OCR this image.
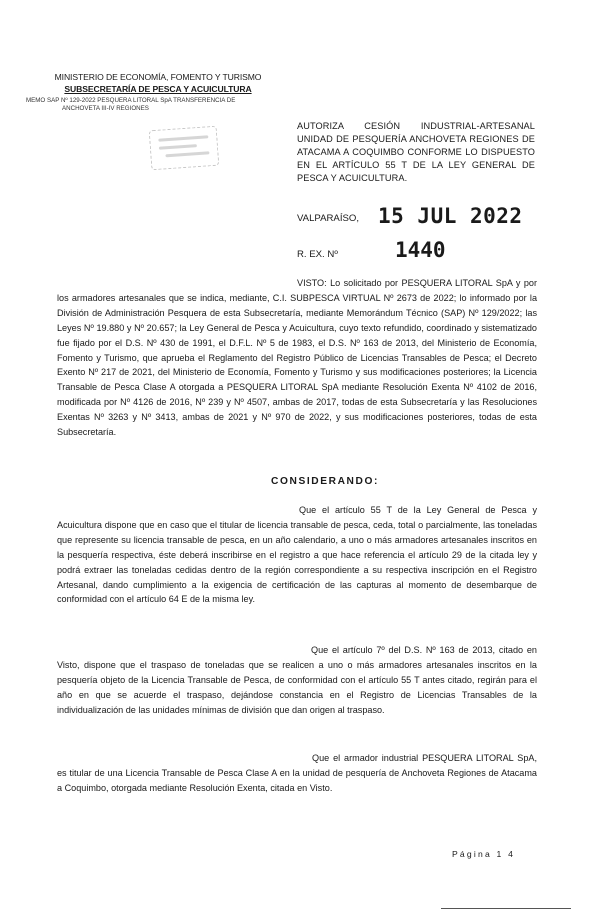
MINISTERIO DE ECONOMÍA, FOMENTO Y TURISMO
SUBSECRETARÍA DE PESCA Y ACUICULTURA
MEMO SAP Nº 129-2022 PESQUERA LITORAL SpA TRANSFERENCIA DE
ANCHOVETA III-IV REGIONES
AUTORIZA CESIÓN INDUSTRIAL-ARTESANAL UNIDAD DE PESQUERÍA ANCHOVETA REGIONES DE ATACAMA A COQUIMBO CONFORME LO DISPUESTO EN EL ARTÍCULO 55 T DE LA LEY GENERAL DE PESCA Y ACUICULTURA.
VALPARAÍSO, 15 JUL 2022
R. EX. Nº	1440
VISTO: Lo solicitado por PESQUERA LITORAL SpA y por los armadores artesanales que se indica, mediante, C.I. SUBPESCA VIRTUAL Nº 2673 de 2022; lo informado por la División de Administración Pesquera de esta Subsecretaría, mediante Memorándum Técnico (SAP) Nº 129/2022; las Leyes Nº 19.880 y Nº 20.657; la Ley General de Pesca y Acuicultura, cuyo texto refundido, coordinado y sistematizado fue fijado por el D.S. Nº 430 de 1991, el D.F.L. Nº 5 de 1983, el D.S. Nº 163 de 2013, del Ministerio de Economía, Fomento y Turismo, que aprueba el Reglamento del Registro Público de Licencias Transables de Pesca; el Decreto Exento Nº 217 de 2021, del Ministerio de Economía, Fomento y Turismo y sus modificaciones posteriores; la Licencia Transable de Pesca Clase A otorgada a PESQUERA LITORAL SpA mediante Resolución Exenta Nº 4102 de 2016, modificada por Nº 4126 de 2016, Nº 239 y Nº 4507, ambas de 2017, todas de esta Subsecretaría y las Resoluciones Exentas Nº 3263 y Nº 3413, ambas de 2021 y Nº 970 de 2022, y sus modificaciones posteriores, todas de esta Subsecretaría.
CONSIDERANDO:
Que el artículo 55 T de la Ley General de Pesca y Acuicultura dispone que en caso que el titular de licencia transable de pesca, ceda, total o parcialmente, las toneladas que represente su licencia transable de pesca, en un año calendario, a uno o más armadores artesanales inscritos en la pesquería respectiva, éste deberá inscribirse en el registro a que hace referencia el artículo 29 de la citada ley y podrá extraer las toneladas cedidas dentro de la región correspondiente a su respectiva inscripción en el Registro Artesanal, dando cumplimiento a la exigencia de certificación de las capturas al momento de desembarque de conformidad con el artículo 64 E de la misma ley.
Que el artículo 7º del D.S. Nº 163 de 2013, citado en Visto, dispone que el traspaso de toneladas que se realicen a uno o más armadores artesanales inscritos en la pesquería objeto de la Licencia Transable de Pesca, de conformidad con el artículo 55 T antes citado, regirán para el año en que se acuerde el traspaso, dejándose constancia en el Registro de Licencias Transables de la individualización de las unidades mínimas de división que dan origen al traspaso.
Que el armador industrial PESQUERA LITORAL SpA, es titular de una Licencia Transable de Pesca Clase A en la unidad de pesquería de Anchoveta Regiones de Atacama a Coquimbo, otorgada mediante Resolución Exenta, citada en Visto.
Página 1 4
